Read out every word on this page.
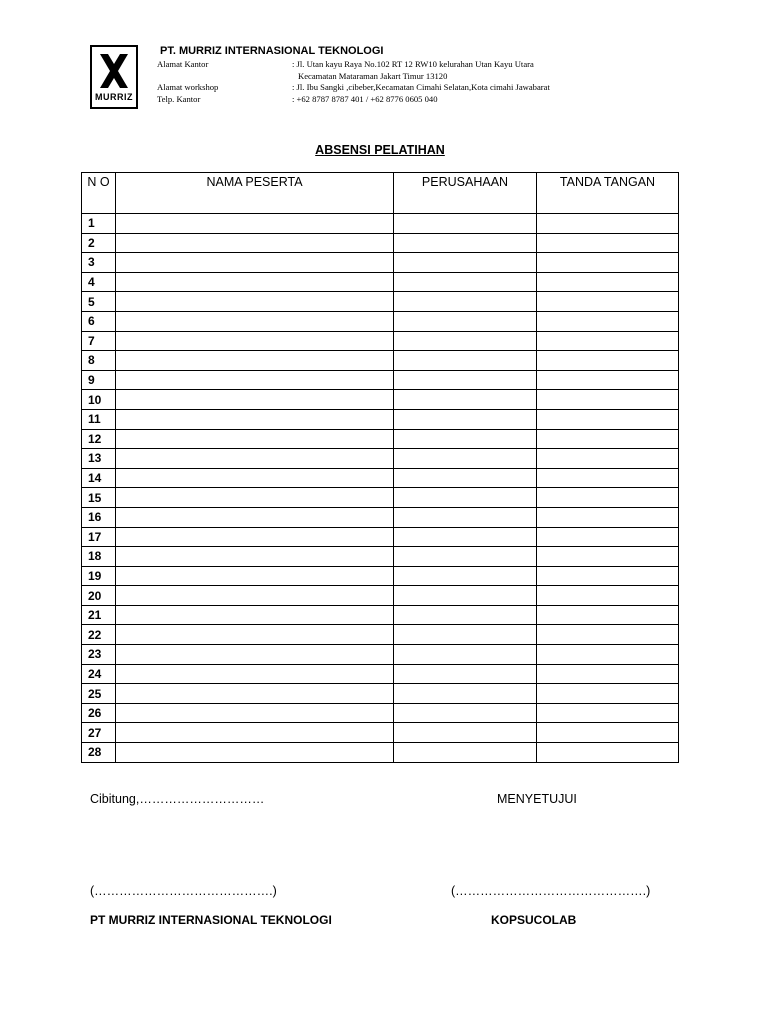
MURRIZ
PT. MURRIZ INTERNASIONAL TEKNOLOGI
Alamat Kantor	: Jl. Utan kayu Raya No.102 RT 12 RW10 kelurahan Utan Kayu Utara
Kecamatan Mataraman Jakart Timur 13120
Alamat workshop	: Jl. Ibu Sangki ,cibeber,Kecamatan Cimahi Selatan,Kota cimahi Jawabarat
Telp. Kantor	: +62 8787 8787 401 / +62 8776 0605 040
ABSENSI PELATIHAN
N O	NAMA PESERTA	PERUSAHAAN	TANDA TANGAN
1			
2			
3			
4			
5			
6			
7			
8			
9			
10			
11			
12			
13			
14			
15			
16			
17			
18			
19			
20			
21			
22			
23			
24			
25			
26			
27			
28			
Cibitung,…………………………	MENYETUJUI
(…………………………………….)	(……………………………………….)
PT MURRIZ INTERNASIONAL TEKNOLOGI	KOPSUCOLAB
